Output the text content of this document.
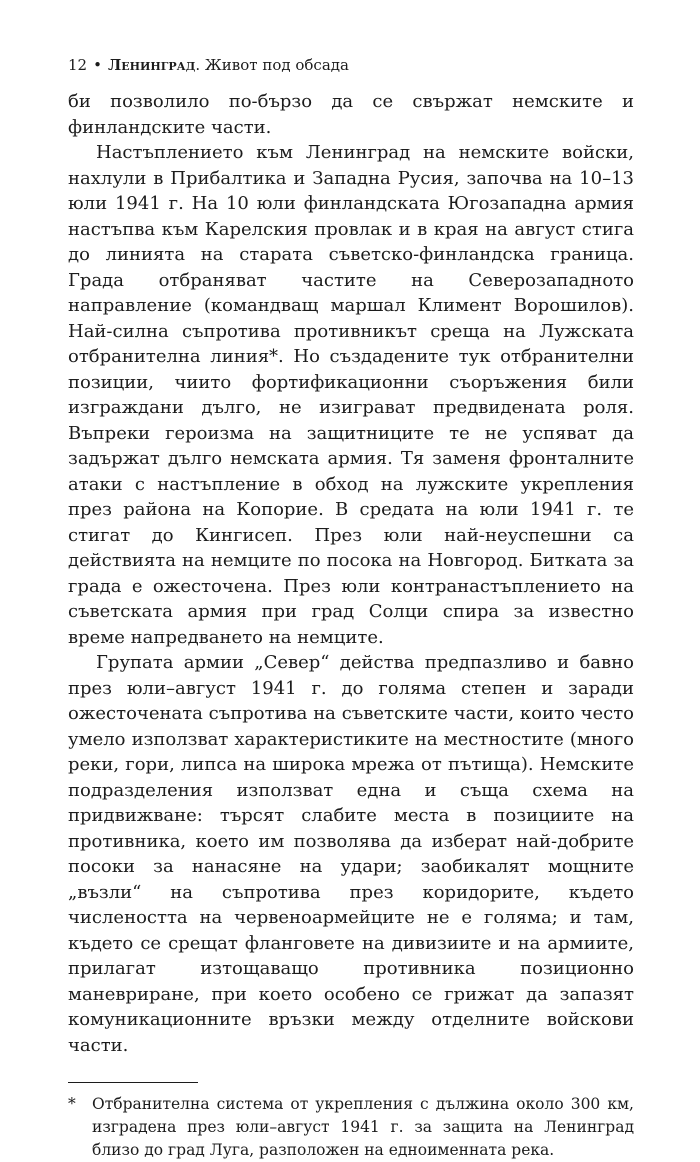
12 • Ленинград. Живот под обсада

би позволило по-бързо да се свържат немските и финландските части.

Настъплението към Ленинград на немските войски, нахлули в Прибалтика и Западна Русия, започва на 10–13 юли 1941 г. На 10 юли финландската Югозападна армия настъпва към Карелския провлак и в края на август стига до линията на старата съветско-финландска граница. Града отбраняват частите на Северозападното направление (командващ маршал Климент Ворошилов). Най-силна съпротива противникът среща на Лужската отбранителна линия*. Но създадените тук отбранителни позиции, чиито фортификационни съоръжения били изграждани дълго, не изиграват предвидената роля. Въпреки героизма на защитниците те не успяват да задържат дълго немската армия. Тя заменя фронталните атаки с настъпление в обход на лужските укрепления през района на Копорие. В средата на юли 1941 г. те стигат до Кингисеп. През юли най-неуспешни са действията на немците по посока на Новгород. Битката за града е ожесточена. През юли контранастъплението на съветската армия при град Солци спира за известно време напредването на немците.

Групата армии „Север“ действа предпазливо и бавно през юли–август 1941 г. до голяма степен и заради ожесточената съпротива на съветските части, които често умело използват характеристиките на местностите (много реки, гори, липса на широка мрежа от пътища). Немските подразделения използват една и съща схема на придвижване: търсят слабите места в позициите на противника, което им позволява да изберат най-добрите посоки за нанасяне на удари; заобикалят мощните „възли“ на съпротива през коридорите, където числеността на червеноармейците не е голяма; и там, където се срещат фланговете на дивизиите и на армиите, прилагат изтощаващо противника позиционно маневриране, при което особено се грижат да запазят комуникационните връзки между отделните войскови части.

*	Отбранителна система от укрепления с дължина около 300 км, изградена през юли–август 1941 г. за защита на Ленинград близо до град Луга, разположен на едноименната река.
